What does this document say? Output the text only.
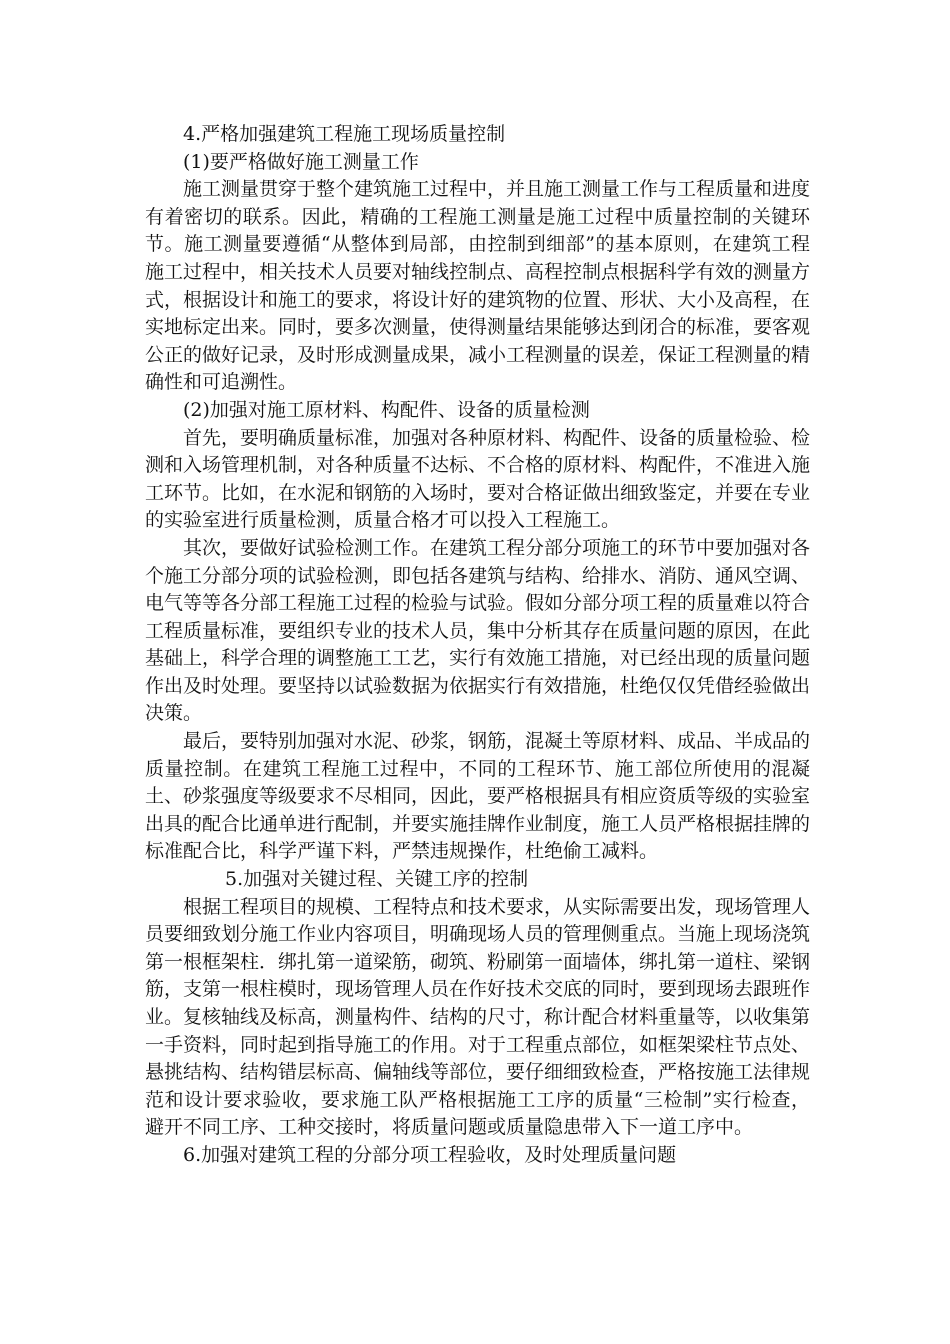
4.严格加强建筑工程施工现场质量控制

(1)要严格做好施工测量工作

施工测量贯穿于整个建筑施工过程中，并且施工测量工作与工程质量和进度有着密切的联系。因此，精确的工程施工测量是施工过程中质量控制的关键环节。施工测量要遵循“从整体到局部，由控制到细部”的基本原则，在建筑工程施工过程中，相关技术人员要对轴线控制点、高程控制点根据科学有效的测量方式，根据设计和施工的要求，将设计好的建筑物的位置、形状、大小及高程，在实地标定出来。同时，要多次测量，使得测量结果能够达到闭合的标准，要客观公正的做好记录，及时形成测量成果，减小工程测量的误差，保证工程测量的精确性和可追溯性。

(2)加强对施工原材料、构配件、设备的质量检测

首先，要明确质量标准，加强对各种原材料、构配件、设备的质量检验、检测和入场管理机制，对各种质量不达标、不合格的原材料、构配件，不准进入施工环节。比如，在水泥和钢筋的入场时，要对合格证做出细致鉴定，并要在专业的实验室进行质量检测，质量合格才可以投入工程施工。

其次，要做好试验检测工作。在建筑工程分部分项施工的环节中要加强对各个施工分部分项的试验检测，即包括各建筑与结构、给排水、消防、通风空调、电气等等各分部工程施工过程的检验与试验。假如分部分项工程的质量难以符合工程质量标准，要组织专业的技术人员，集中分析其存在质量问题的原因，在此基础上，科学合理的调整施工工艺，实行有效施工措施，对已经出现的质量问题作出及时处理。要坚持以试验数据为依据实行有效措施，杜绝仅仅凭借经验做出决策。

最后，要特别加强对水泥、砂浆，钢筋，混凝土等原材料、成品、半成品的质量控制。在建筑工程施工过程中，不同的工程环节、施工部位所使用的混凝土、砂浆强度等级要求不尽相同，因此，要严格根据具有相应资质等级的实验室出具的配合比通单进行配制，并要实施挂牌作业制度，施工人员严格根据挂牌的标准配合比，科学严谨下料，严禁违规操作，杜绝偷工减料。

5.加强对关键过程、关键工序的控制

根据工程项目的规模、工程特点和技术要求，从实际需要出发，现场管理人员要细致划分施工作业内容项目，明确现场人员的管理侧重点。当施上现场浇筑第一根框架柱．绑扎第一道梁筋，砌筑、粉刷第一面墙体，绑扎第一道柱、梁钢筋，支第一根柱模时，现场管理人员在作好技术交底的同时，要到现场去跟班作业。复核轴线及标高，测量构件、结构的尺寸，称计配合材料重量等，以收集第一手资料，同时起到指导施工的作用。对于工程重点部位，如框架梁柱节点处、悬挑结构、结构错层标高、偏轴线等部位，要仔细细致检查，严格按施工法律规范和设计要求验收，要求施工队严格根据施工工序的质量“三检制”实行检查，避开不同工序、工种交接时，将质量问题或质量隐患带入下一道工序中。

6.加强对建筑工程的分部分项工程验收，及时处理质量问题
